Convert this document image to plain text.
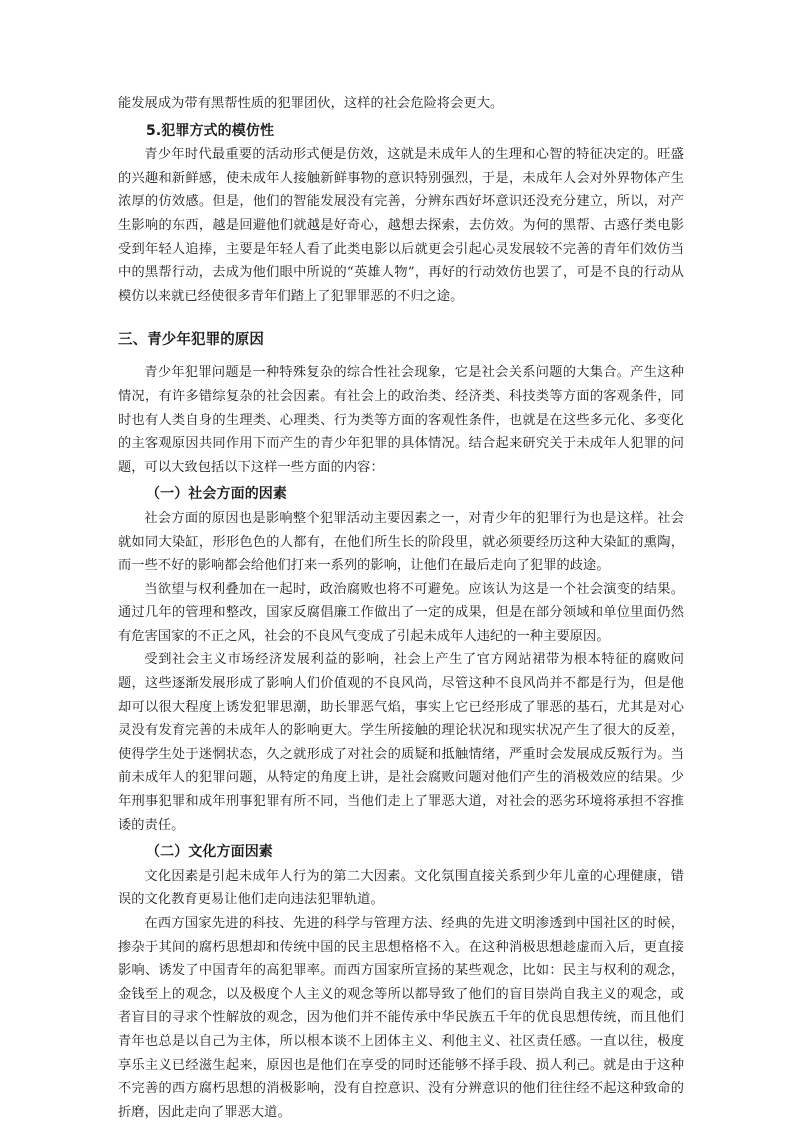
能发展成为带有黑帮性质的犯罪团伙，这样的社会危险将会更大。

5.犯罪方式的模仿性

青少年时代最重要的活动形式便是仿效，这就是未成年人的生理和心智的特征决定的。旺盛的兴趣和新鲜感，使未成年人接触新鲜事物的意识特别强烈，于是，未成年人会对外界物体产生浓厚的仿效感。但是，他们的智能发展没有完善，分辨东西好坏意识还没充分建立，所以，对产生影响的东西，越是回避他们就越是好奇心，越想去探索，去仿效。为何的黑帮、古惑仔类电影受到年轻人追捧，主要是年轻人看了此类电影以后就更会引起心灵发展较不完善的青年们效仿当中的黑帮行动，去成为他们眼中所说的“英雄人物”，再好的行动效仿也罢了，可是不良的行动从模仿以来就已经使很多青年们踏上了犯罪罪恶的不归之途。

三、青少年犯罪的原因

青少年犯罪问题是一种特殊复杂的综合性社会现象，它是社会关系问题的大集合。产生这种情况，有许多错综复杂的社会因素。有社会上的政治类、经济类、科技类等方面的客观条件，同时也有人类自身的生理类、心理类、行为类等方面的客观性条件，也就是在这些多元化、多变化的主客观原因共同作用下而产生的青少年犯罪的具体情况。结合起来研究关于未成年人犯罪的问题，可以大致包括以下这样一些方面的内容：

（一）社会方面的因素

社会方面的原因也是影响整个犯罪活动主要因素之一，对青少年的犯罪行为也是这样。社会就如同大染缸，形形色色的人都有，在他们所生长的阶段里，就必须要经历这种大染缸的熏陶，而一些不好的影响都会给他们打来一系列的影响，让他们在最后走向了犯罪的歧途。

当欲望与权利叠加在一起时，政治腐败也将不可避免。应该认为这是一个社会演变的结果。通过几年的管理和整改，国家反腐倡廉工作做出了一定的成果，但是在部分领域和单位里面仍然有危害国家的不正之风，社会的不良风气变成了引起未成年人违纪的一种主要原因。

受到社会主义市场经济发展利益的影响，社会上产生了官方网站裙带为根本特征的腐败问题，这些逐渐发展形成了影响人们价值观的不良风尚，尽管这种不良风尚并不都是行为，但是他却可以很大程度上诱发犯罪思潮，助长罪恶气焰，事实上它已经形成了罪恶的基石，尤其是对心灵没有发育完善的未成年人的影响更大。学生所接触的理论状况和现实状况产生了很大的反差，使得学生处于迷惘状态，久之就形成了对社会的质疑和抵触情绪，严重时会发展成反叛行为。当前未成年人的犯罪问题，从特定的角度上讲，是社会腐败问题对他们产生的消极效应的结果。少年刑事犯罪和成年刑事犯罪有所不同，当他们走上了罪恶大道，对社会的恶劣环境将承担不容推诿的责任。

（二）文化方面因素

文化因素是引起未成年人行为的第二大因素。文化氛围直接关系到少年儿童的心理健康，错误的文化教育更易让他们走向违法犯罪轨道。

在西方国家先进的科技、先进的科学与管理方法、经典的先进文明渗透到中国社区的时候，掺杂于其间的腐朽思想却和传统中国的民主思想格格不入。在这种消极思想趁虚而入后，更直接影响、诱发了中国青年的高犯罪率。而西方国家所宣扬的某些观念，比如：民主与权利的观念，金钱至上的观念，以及极度个人主义的观念等所以都导致了他们的盲目崇尚自我主义的观念，或者盲目的寻求个性解放的观念，因为他们并不能传承中华民族五千年的优良思想传统，而且他们青年也总是以自己为主体，所以根本谈不上团体主义、利他主义、社区责任感。一直以往，极度享乐主义已经滋生起来，原因也是他们在享受的同时还能够不择手段、损人利己。就是由于这种不完善的西方腐朽思想的消极影响，没有自控意识、没有分辨意识的他们往往经不起这种致命的折磨，因此走向了罪恶大道。
